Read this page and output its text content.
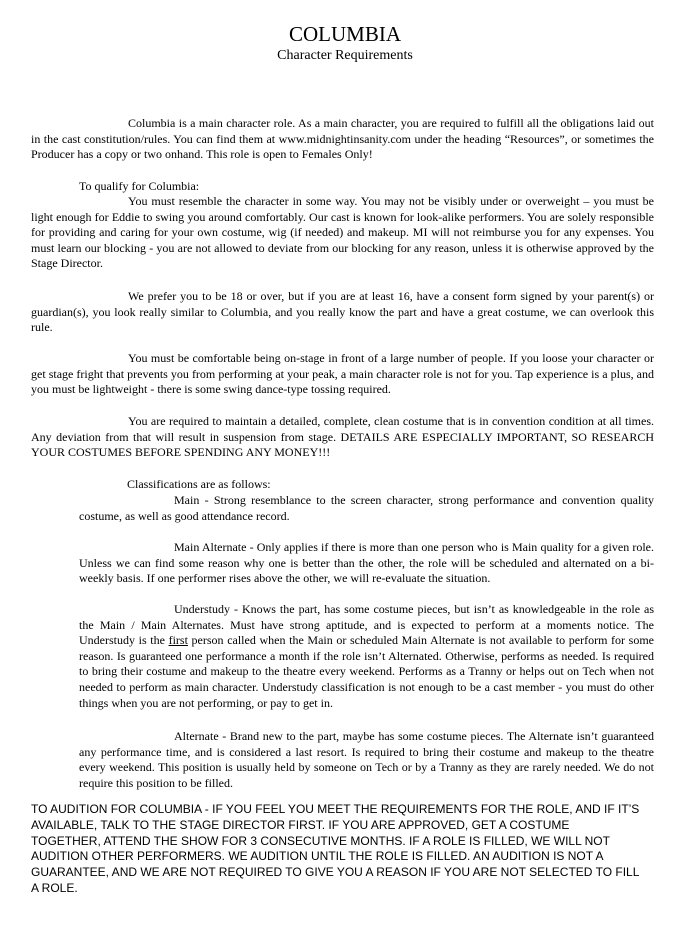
COLUMBIA
Character Requirements

Columbia is a main character role. As a main character, you are required to fulfill all the obligations laid out in the cast constitution/rules. You can find them at www.midnightinsanity.com under the heading “Resources”, or sometimes the Producer has a copy or two onhand. This role is open to Females Only!

To qualify for Columbia:

You must resemble the character in some way. You may not be visibly under or overweight – you must be light enough for Eddie to swing you around comfortably. Our cast is known for look-alike performers. You are solely responsible for providing and caring for your own costume, wig (if needed) and makeup. MI will not reimburse you for any expenses. You must learn our blocking - you are not allowed to deviate from our blocking for any reason, unless it is otherwise approved by the Stage Director.

We prefer you to be 18 or over, but if you are at least 16, have a consent form signed by your parent(s) or guardian(s), you look really similar to Columbia, and you really know the part and have a great costume, we can overlook this rule.

You must be comfortable being on-stage in front of a large number of people. If you loose your character or get stage fright that prevents you from performing at your peak, a main character role is not for you. Tap experience is a plus, and you must be lightweight - there is some swing dance-type tossing required.

You are required to maintain a detailed, complete, clean costume that is in convention condition at all times. Any deviation from that will result in suspension from stage. DETAILS ARE ESPECIALLY IMPORTANT, SO RESEARCH YOUR COSTUMES BEFORE SPENDING ANY MONEY!!!

Classifications are as follows:

Main - Strong resemblance to the screen character, strong performance and convention quality costume, as well as good attendance record.

Main Alternate - Only applies if there is more than one person who is Main quality for a given role. Unless we can find some reason why one is better than the other, the role will be scheduled and alternated on a bi-weekly basis. If one performer rises above the other, we will re-evaluate the situation.

Understudy - Knows the part, has some costume pieces, but isn’t as knowledgeable in the role as the Main / Main Alternates. Must have strong aptitude, and is expected to perform at a moments notice. The Understudy is the first person called when the Main or scheduled Main Alternate is not available to perform for some reason. Is guaranteed one performance a month if the role isn’t Alternated. Otherwise, performs as needed. Is required to bring their costume and makeup to the theatre every weekend. Performs as a Tranny or helps out on Tech when not needed to perform as main character. Understudy classification is not enough to be a cast member - you must do other things when you are not performing, or pay to get in.

Alternate - Brand new to the part, maybe has some costume pieces. The Alternate isn’t guaranteed any performance time, and is considered a last resort. Is required to bring their costume and makeup to the theatre every weekend. This position is usually held by someone on Tech or by a Tranny as they are rarely needed. We do not require this position to be filled.

TO AUDITION FOR COLUMBIA - IF YOU FEEL YOU MEET THE REQUIREMENTS FOR THE ROLE, AND IF IT’S AVAILABLE, TALK TO THE STAGE DIRECTOR FIRST. IF YOU ARE APPROVED, GET A COSTUME TOGETHER, ATTEND THE SHOW FOR 3 CONSECUTIVE MONTHS. IF A ROLE IS FILLED, WE WILL NOT AUDITION OTHER PERFORMERS. WE AUDITION UNTIL THE ROLE IS FILLED. AN AUDITION IS NOT A GUARANTEE, AND WE ARE NOT REQUIRED TO GIVE YOU A REASON IF YOU ARE NOT SELECTED TO FILL A ROLE.
